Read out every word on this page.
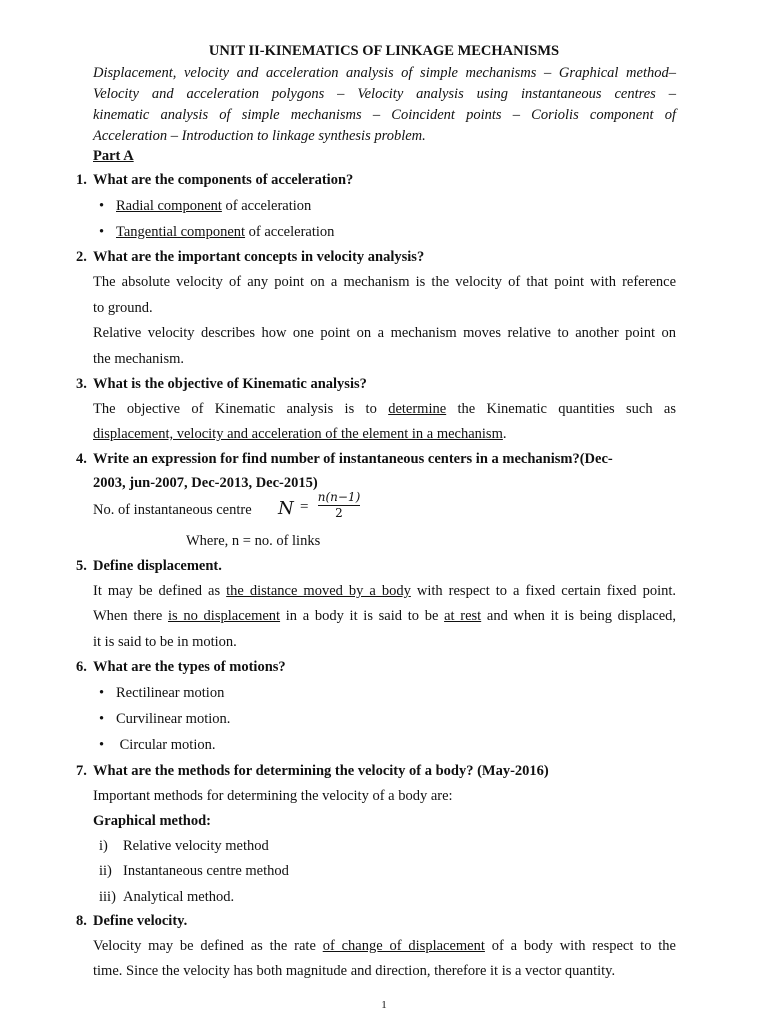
UNIT II-KINEMATICS OF LINKAGE MECHANISMS
Displacement, velocity and acceleration analysis of simple mechanisms – Graphical method–
Velocity and acceleration polygons – Velocity analysis using instantaneous centres –
kinematic analysis of simple mechanisms – Coincident points – Coriolis component of
Acceleration – Introduction to linkage synthesis problem.
Part A
1. What are the components of acceleration?
• Radial component of acceleration
• Tangential component of acceleration
2. What are the important concepts in velocity analysis?
The absolute velocity of any point on a mechanism is the velocity of that point with reference
to ground.
Relative velocity describes how one point on a mechanism moves relative to another point on
the mechanism.
3. What is the objective of Kinematic analysis?
The objective of Kinematic analysis is to determine the Kinematic quantities such as
displacement, velocity and acceleration of the element in a mechanism.
4. Write an expression for find number of instantaneous centers in a mechanism?(Dec-
2003, jun-2007, Dec-2013, Dec-2015)
No. of instantaneous centre N =
n(n−1)
2
Where, n = no. of links
5. Define displacement.
It may be defined as the distance moved by a body with respect to a fixed certain fixed point.
When there is no displacement in a body it is said to be at rest and when it is being displaced,
it is said to be in motion.
6. What are the types of motions?
• Rectilinear motion
• Curvilinear motion.
• Circular motion.
7. What are the methods for determining the velocity of a body? (May-2016)
Important methods for determining the velocity of a body are:
Graphical method:
i) Relative velocity method
ii) Instantaneous centre method
iii) Analytical method.
8. Define velocity.
Velocity may be defined as the rate of change of displacement of a body with respect to the
time. Since the velocity has both magnitude and direction, therefore it is a vector quantity.
1
